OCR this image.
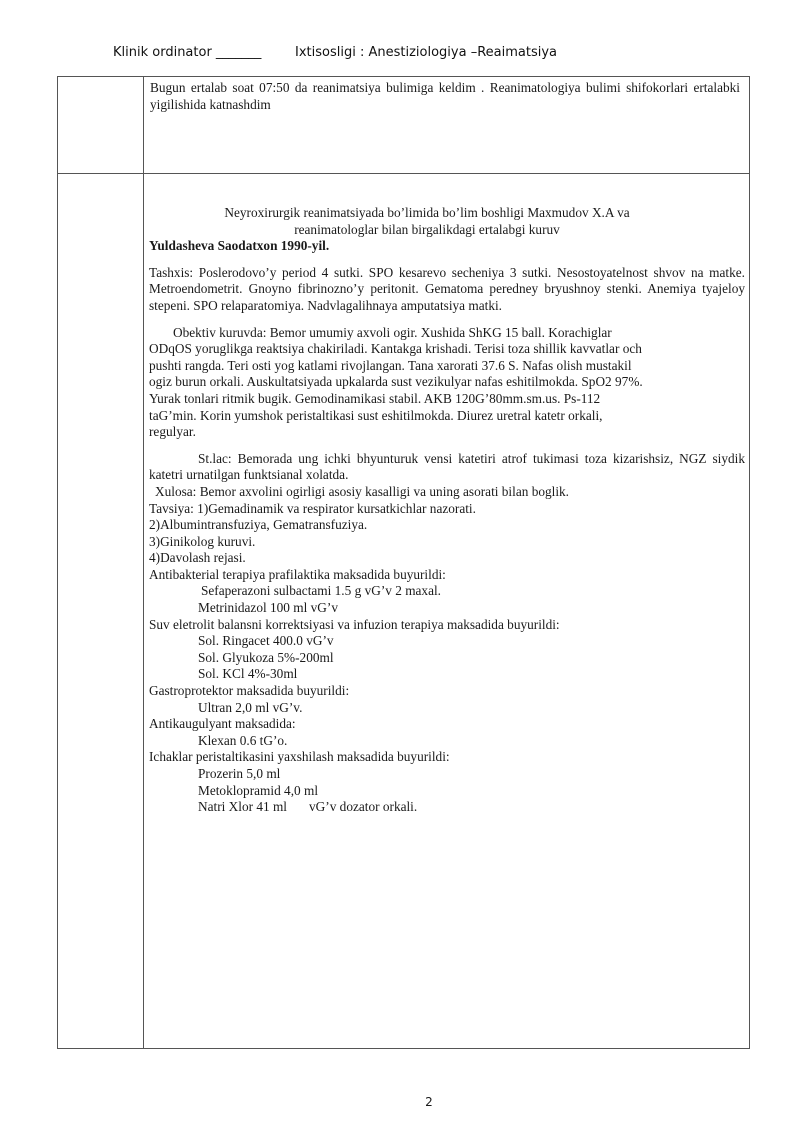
Klinik ordinator _______	Ixtisosligi : Anestiziologiya –Reaimatsiya
Bugun ertalab soat 07:50 da reanimatsiya bulimiga keldim . Reanimatologiya bulimi shifokorlari ertalabki yigilishida katnashdim
Neyroxirurgik reanimatsiyada bo’limida bo’lim boshligi Maxmudov X.A va
reanimatologlar bilan birgalikdagi ertalabgi kuruv
Yuldasheva Saodatxon 1990-yil.
Tashxis: Poslerodovo’y period 4 sutki. SPO kesarevo secheniya 3 sutki. Nesostoyatelnost shvov na matke. Metroendometrit. Gnoyno fibrinozno’y peritonit. Gematoma peredney bryushnoy stenki. Anemiya tyajeloy stepeni. SPO relaparatomiya. Nadvlagalihnaya amputatsiya matki.
Obektiv kuruvda: Bemor umumiy axvoli ogir. Xushida ShKG 15 ball. Korachiglar
ODqOS yoruglikga reaktsiya chakiriladi. Kantakga krishadi. Terisi toza shillik kavvatlar och
pushti rangda. Teri osti yog katlami rivojlangan. Tana xarorati 37.6 S. Nafas olish mustakil
ogiz burun orkali. Auskultatsiyada upkalarda sust vezikulyar nafas eshitilmokda. SpO2 97%.
Yurak tonlari ritmik bugik. Gemodinamikasi stabil. AKB 120G’80mm.sm.us. Ps-112
taG’min. Korin yumshok peristaltikasi sust eshitilmokda. Diurez uretral katetr orkali,
regulyar.
St.lac: Bemorada ung ichki bhyunturuk vensi katetiri atrof tukimasi toza kizarishsiz, NGZ siydik katetri urnatilgan funktsianal xolatda.
Xulosa: Bemor axvolini ogirligi asosiy kasalligi va uning asorati bilan boglik.
Tavsiya: 1)Gemadinamik va respirator kursatkichlar nazorati.
2)Albumintransfuziya, Gematransfuziya.
3)Ginikolog kuruvi.
4)Davolash rejasi.
Antibakterial terapiya prafilaktika maksadida buyurildi:
Sefaperazoni sulbactami 1.5 g vG’v 2 maxal.
Metrinidazol 100 ml vG’v
Suv eletrolit balansni korrektsiyasi va infuzion terapiya maksadida buyurildi:
Sol. Ringacet 400.0 vG’v
Sol. Glyukoza 5%-200ml
Sol. KCl 4%-30ml
Gastroprotektor maksadida buyurildi:
Ultran 2,0 ml vG’v.
Antikaugulyant maksadida:
Klexan 0.6 tG’o.
Ichaklar peristaltikasini yaxshilash maksadida buyurildi:
Prozerin 5,0 ml
Metoklopramid 4,0 ml
Natri Xlor 41 ml vG’v dozator orkali.
2
